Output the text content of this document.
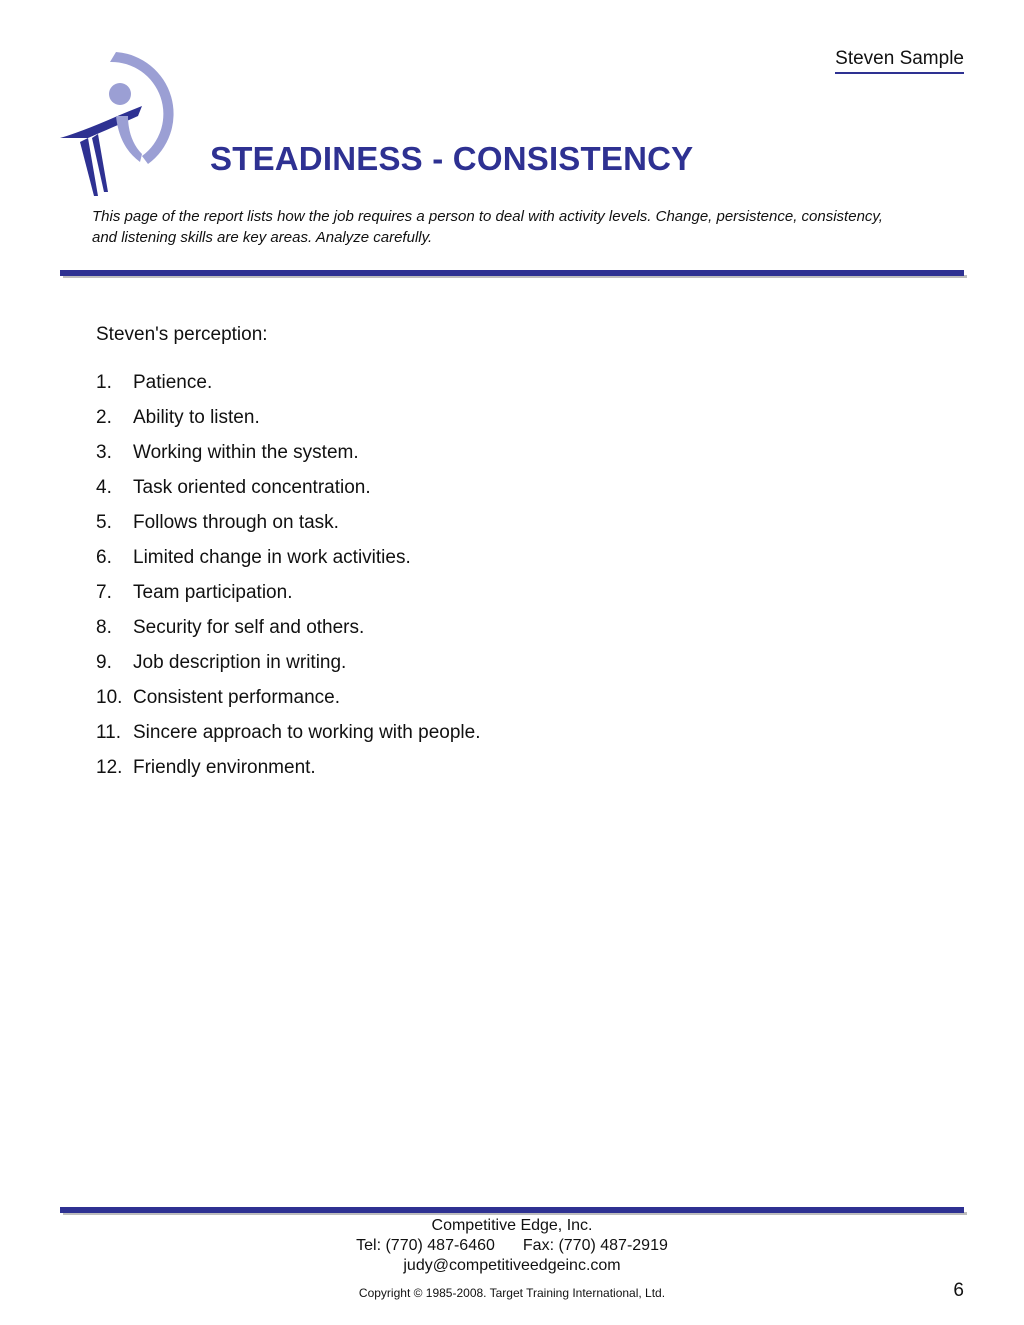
Steven Sample
STEADINESS - CONSISTENCY
This page of the report lists how the job requires a person to deal with activity levels. Change, persistence, consistency, and listening skills are key areas. Analyze carefully.
Steven's perception:
1.	Patience.
2.	Ability to listen.
3.	Working within the system.
4.	Task oriented concentration.
5.	Follows through on task.
6.	Limited change in work activities.
7.	Team participation.
8.	Security for self and others.
9.	Job description in writing.
10. Consistent performance.
11. Sincere approach to working with people.
12. Friendly environment.
Competitive Edge, Inc.
Tel: (770) 487-6460 Fax: (770) 487-2919
judy@competitiveedgeinc.com
Copyright © 1985-2008. Target Training International, Ltd.	6
